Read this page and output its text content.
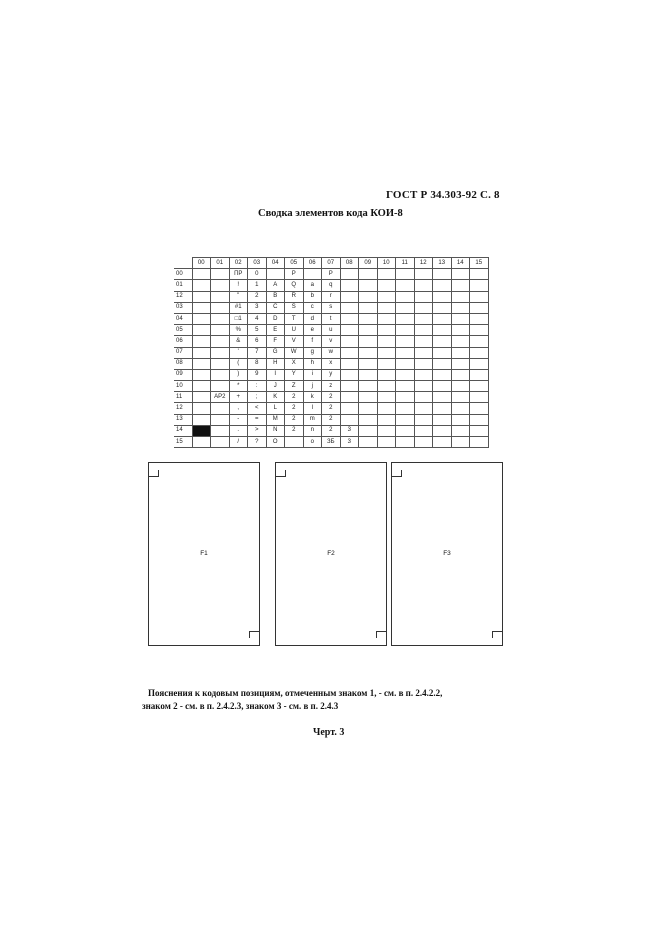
ГОСТ Р 34.303-92 С. 8
Сводка элементов кода КОИ-8
	00	01	02	03	04	05	06	07	08	09	10	11	12	13	14	15
00			ПР	0		P		P								
01			!	1	A	Q	a	q								
12			"	2	B	R	b	r								
03			#1	3	C	S	c	s								
04			□1	4	D	T	d	t								
05			%	5	E	U	e	u								
06			&	6	F	V	f	v								
07			'	7	G	W	g	w								
08			(	8	H	X	h	x								
09			)	9	I	Y	i	y								
10			*	:	J	Z	j	z								
11		АР2	+	;	K	2	k	2								
12			,	<	L	2	l	2								
13			-	=	M	2	m	2								
14			.	>	N	2	n	2	3							
15			/	?	O		o	ЗБ	3							
F1	F2	F3
Пояснения к кодовым позициям, отмеченным знаком 1, - см. в п. 2.4.2.2,
знаком 2 - см. в п. 2.4.2.3, знаком 3 - см. в п. 2.4.3
Черт. 3
